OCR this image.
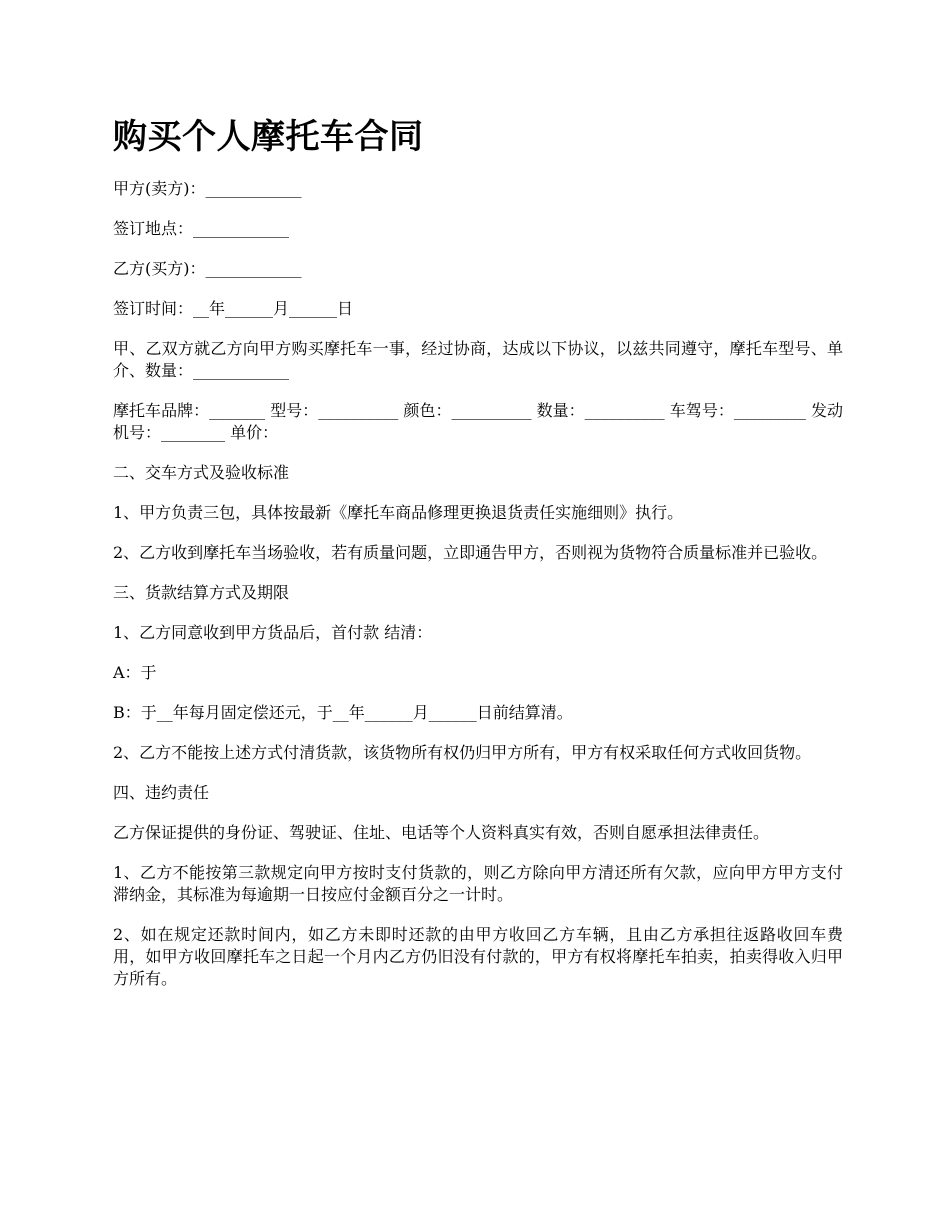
购买个人摩托车合同

甲方(卖方)：____________

签订地点：____________

乙方(买方)：____________

签订时间：__年______月______日

甲、乙双方就乙方向甲方购买摩托车一事，经过协商，达成以下协议，以兹共同遵守，摩托车型号、单介、数量：____________

摩托车品牌：_______ 型号：__________ 颜色：__________ 数量：__________ 车驾号：_________ 发动机号：________ 单价：

二、交车方式及验收标准

1、甲方负责三包，具体按最新《摩托车商品修理更换退货责任实施细则》执行。

2、乙方收到摩托车当场验收，若有质量问题，立即通告甲方，否则视为货物符合质量标准并已验收。

三、货款结算方式及期限

1、乙方同意收到甲方货品后，首付款 结清：

A：于

B：于__年每月固定偿还元，于__年______月______日前结算清。

2、乙方不能按上述方式付清货款，该货物所有权仍归甲方所有，甲方有权采取任何方式收回货物。

四、违约责任

乙方保证提供的身份证、驾驶证、住址、电话等个人资料真实有效，否则自愿承担法律责任。

1、乙方不能按第三款规定向甲方按时支付货款的，则乙方除向甲方清还所有欠款，应向甲方甲方支付滞纳金，其标准为每逾期一日按应付金额百分之一计时。

2、如在规定还款时间内，如乙方未即时还款的由甲方收回乙方车辆，且由乙方承担往返路收回车费用，如甲方收回摩托车之日起一个月内乙方仍旧没有付款的，甲方有权将摩托车拍卖，拍卖得收入归甲方所有。
